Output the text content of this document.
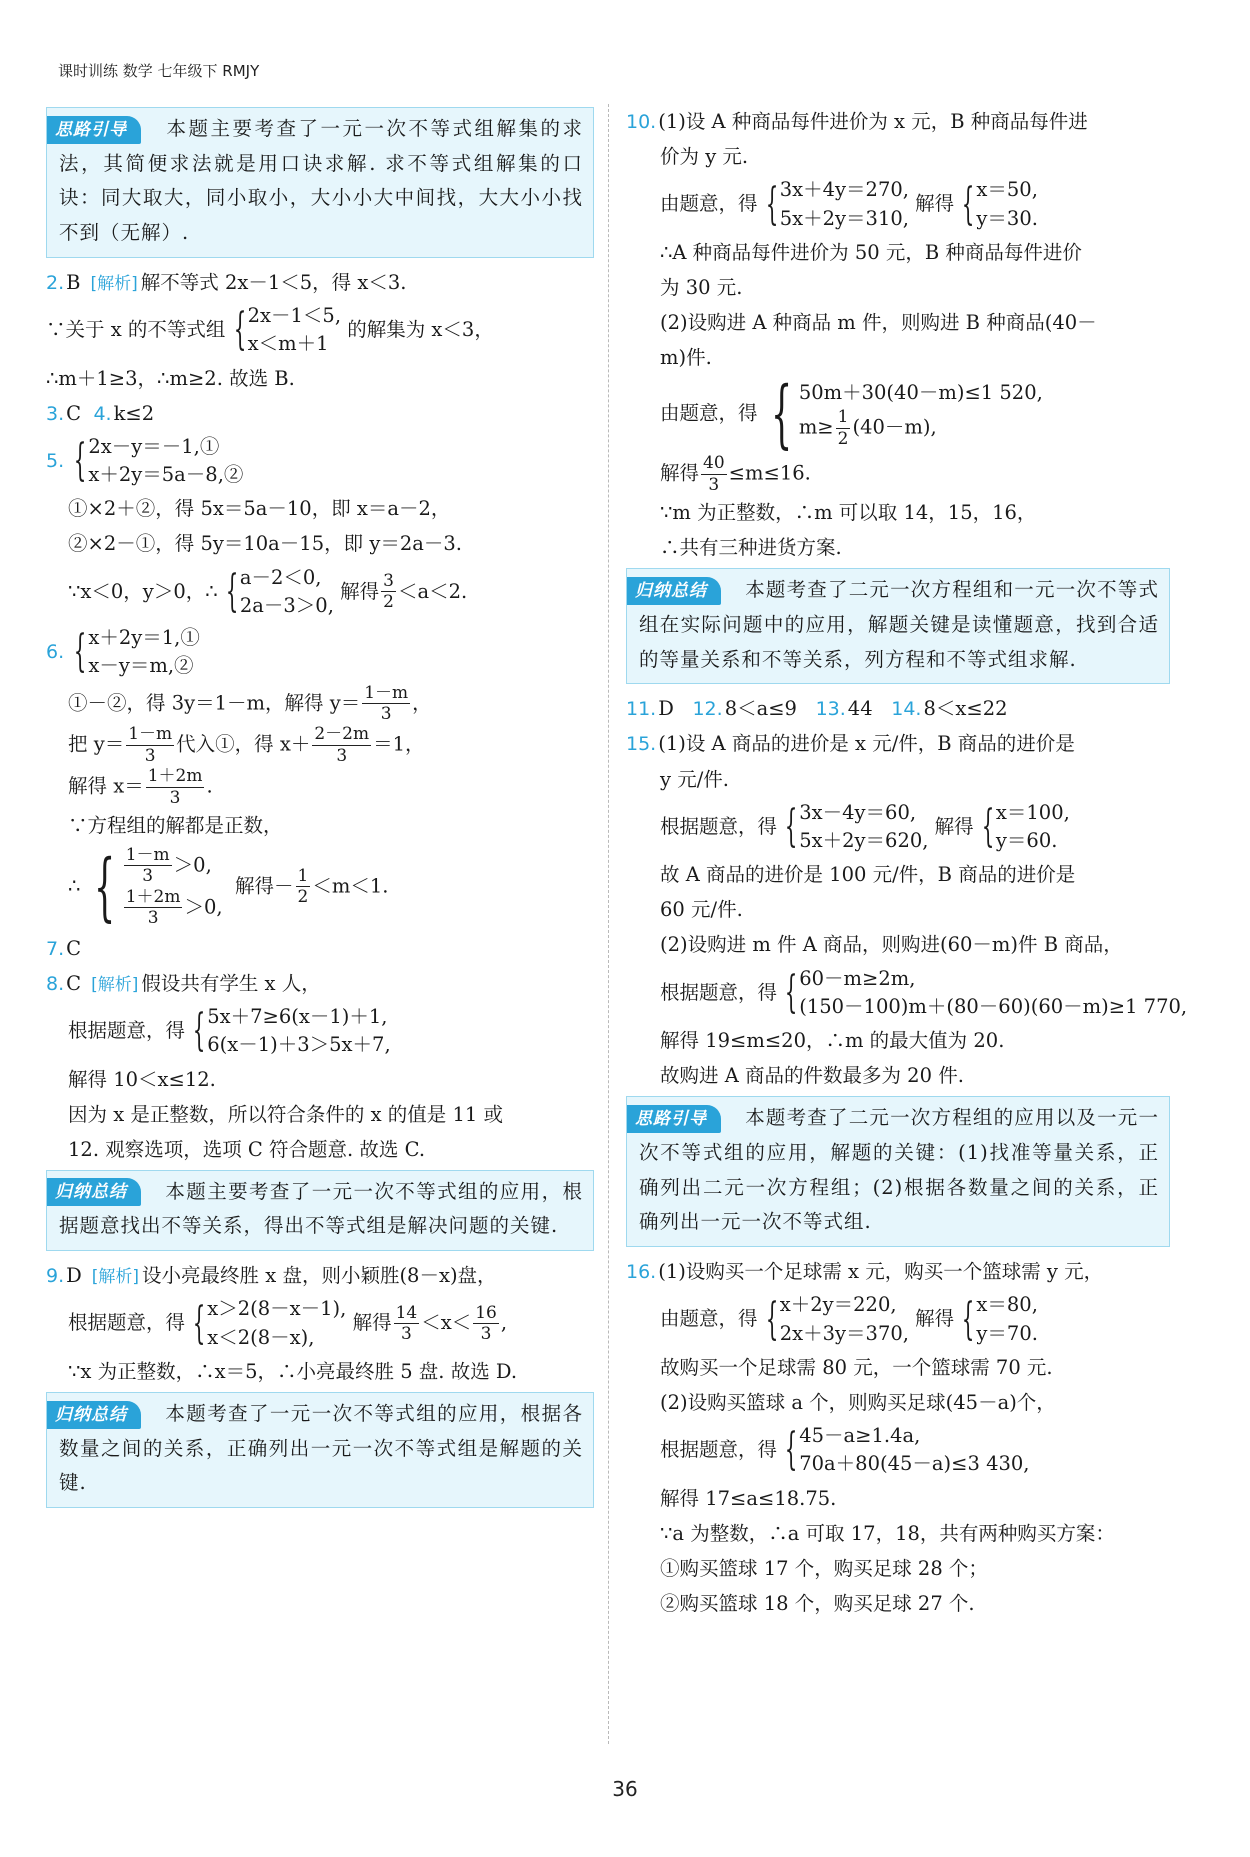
课时训练 数学 七年级下 RMJY
思路引导 本题主要考查了一元一次不等式组解集的求法，其简便求法就是用口诀求解. 求不等式组解集的口诀：同大取大，同小取小，大小小大中间找，大大小小找不到（无解）.
2. B [解析] 解不等式 2x－1＜5，得 x＜3.
∵关于 x 的不等式组 { 2x－1＜5,
x＜m＋1
的解集为 x＜3，
∴m＋1≥3，∴m≥2. 故选 B.
3. C 4. k≤2
5. { 2x－y＝－1,①
x＋2y＝5a－8,②
①×2＋②，得 5x＝5a－10，即 x＝a－2，
②×2－①，得 5y＝10a－15，即 y＝2a－3.
∵x＜0，y＞0，∴ { a－2＜0,
2a－3＞0,
解得 $\frac{3}{2} <a<2$.
6. { x＋2y＝1,①
x－y＝m,②
①－②，得 3y＝1－m，解得 $y= \frac{1-m}{3}$ ，
把 $y= \frac{1-m}{3}$ 代入①，得 $x+ \frac{2-2m}{3} =1$，
解得 $x= \frac{1+2m}{3}$ .
∵方程组的解都是正数，
∴ { $\frac{1-m}{3} >0$,
$\frac{1+2m}{3} >0$,
解得－ $\frac{1}{2} <m<1$.
7. C
8. C [解析] 假设共有学生 x 人，
根据题意，得 { 5x＋7≥6(x－1)＋1,
6(x－1)＋3＞5x＋7,
解得 10＜x≤12.
因为 x 是正整数，所以符合条件的 x 的值是 11 或
12. 观察选项，选项 C 符合题意. 故选 C.
归纳总结 本题主要考查了一元一次不等式组的应用，根据题意找出不等关系，得出不等式组是解决问题的关键.
9. D [解析] 设小亮最终胜 x 盘，则小颖胜(8－x)盘，
根据题意，得 { x＞2(8－x－1),
x＜2(8－x),
解得 $\frac{14}{3} <x< \frac{16}{3}$ ,
∵x 为正整数，∴x＝5，∴小亮最终胜 5 盘. 故选 D.
归纳总结 本题考查了一元一次不等式组的应用，根据各数量之间的关系，正确列出一元一次不等式组是解题的关键.
10. (1)设 A 种商品每件进价为 x 元，B 种商品每件进
价为 y 元.
由题意，得 { 3x＋4y＝270,
5x＋2y＝310,
解得 { x＝50,
y＝30.
∴A 种商品每件进价为 50 元，B 种商品每件进价
为 30 元.
(2)设购进 A 种商品 m 件，则购进 B 种商品(40－
m)件.
由题意，得 { 50m＋30(40－m)≤1 520,
$m\ge \frac{1}{2} (40-m)$,
解得 $\frac{40}{3} \le m\le 16$.
∵m 为正整数，∴m 可以取 14，15，16，
∴共有三种进货方案.
归纳总结 本题考查了二元一次方程组和一元一次不等式组在实际问题中的应用，解题关键是读懂题意，找到合适的等量关系和不等关系，列方程和不等式组求解.
11. D 12. 8＜a≤9 13. 44 14. 8＜x≤22
15. (1)设 A 商品的进价是 x 元/件，B 商品的进价是
y 元/件.
根据题意，得 { 3x－4y＝60,
5x＋2y＝620,
解得 { x＝100,
y＝60.
故 A 商品的进价是 100 元/件，B 商品的进价是
60 元/件.
(2)设购进 m 件 A 商品，则购进(60－m)件 B 商品，
根据题意，得 { 60－m≥2m,
(150－100)m＋(80－60)(60－m)≥1 770,
解得 19≤m≤20，∴m 的最大值为 20.
故购进 A 商品的件数最多为 20 件.
思路引导 本题考查了二元一次方程组的应用以及一元一次不等式组的应用，解题的关键：(1)找准等量关系，正确列出二元一次方程组；(2)根据各数量之间的关系，正确列出一元一次不等式组.
16. (1)设购买一个足球需 x 元，购买一个篮球需 y 元，
由题意，得 { x＋2y＝220,
2x＋3y＝370,
解得 { x＝80,
y＝70.
故购买一个足球需 80 元，一个篮球需 70 元.
(2)设购买篮球 a 个，则购买足球(45－a)个，
根据题意，得 { 45－a≥1.4a,
70a＋80(45－a)≤3 430,
解得 17≤a≤18.75.
∵a 为整数，∴a 可取 17，18，共有两种购买方案：
①购买篮球 17 个，购买足球 28 个；
②购买篮球 18 个，购买足球 27 个.
36
